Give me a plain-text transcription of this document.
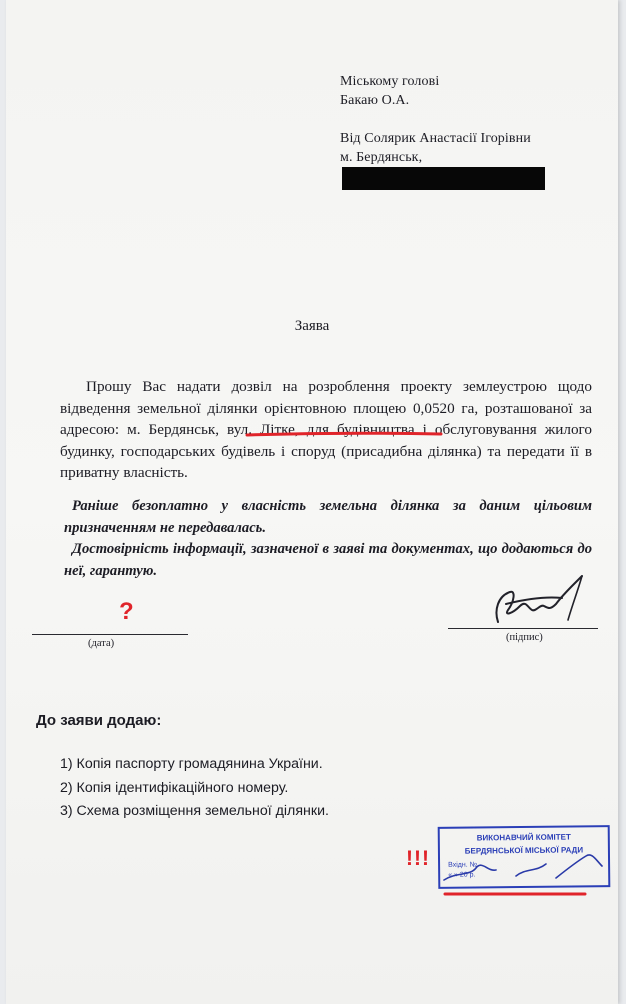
Міському голові
Бакаю О.А.
Від Солярик Анастасії Ігорівни
м. Бердянськ,
Заява

Прошу Вас надати дозвіл на розроблення проекту землеустрою щодо відведення земельної ділянки орієнтовною площею 0,0520 га, розташованої за адресою: м. Бердянськ, вул. Літке, для будівництва і обслуговування жилого будинку, господарських будівель і споруд (присадибна ділянка) та передати її в приватну власність.

Раніше безоплатно у власність земельна ділянка за даним цільовим призначенням не передавалась.

Достовірність інформації, зазначеної в заяві та документах, що додаються до неї, гарантую.

?
(дата)
(підпис)
До заяви додаю:
1) Копія паспорту громадянина України.
2) Копія ідентифікаційного номеру.
3) Схема розміщення земельної ділянки.
!!!
ВИКОНАВЧИЙ КОМІТЕТ
БЕРДЯНСЬКОЇ МІСЬКОЇ РАДИ
Вхідн. №
« » 20 р.
